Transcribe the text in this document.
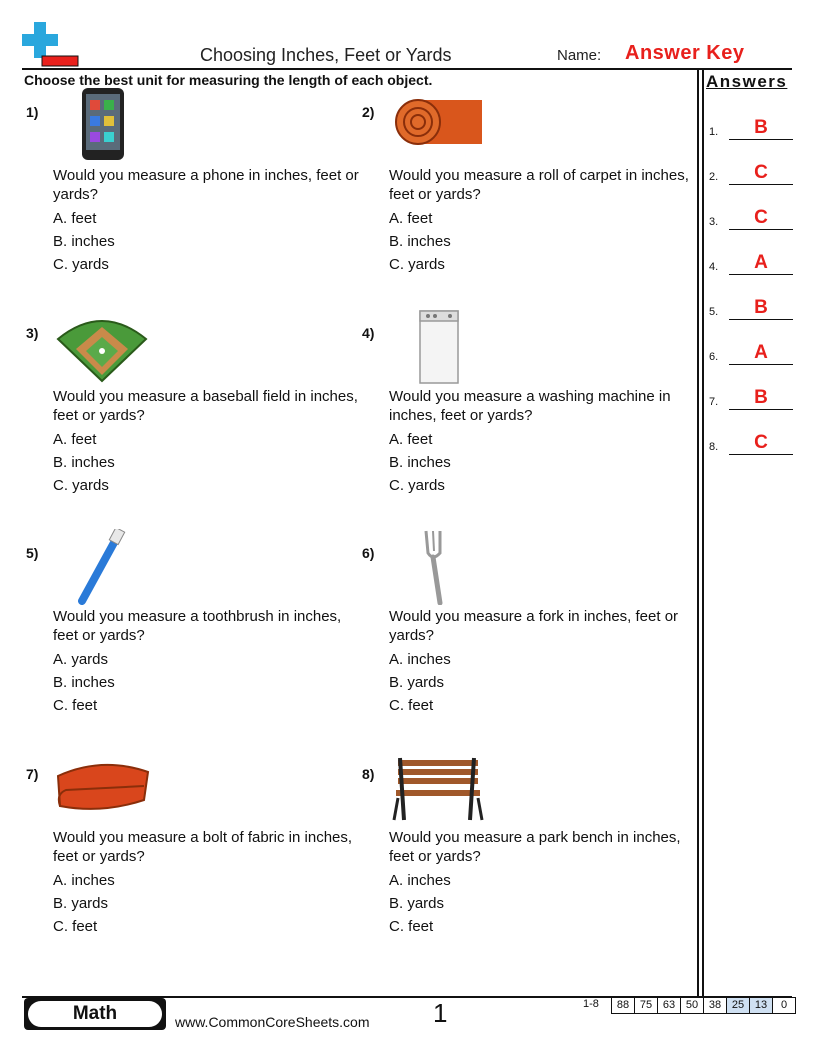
Choosing Inches, Feet or Yards	Name: Answer Key
Choose the best unit for measuring the length of each object.	Answers
1.	B
2.	C
3.	C
4.	A
5.	B
6.	A
7.	B
8.	C
1)
Would you measure a phone in inches, feet or yards?
A. feet
B. inches
C. yards
2)
Would you measure a roll of carpet in inches, feet or yards?
A. feet
B. inches
C. yards
3)
Would you measure a baseball field in inches, feet or yards?
A. feet
B. inches
C. yards
4)
Would you measure a washing machine in inches, feet or yards?
A. feet
B. inches
C. yards
5)
Would you measure a toothbrush in inches, feet or yards?
A. yards
B. inches
C. feet
6)
Would you measure a fork in inches, feet or yards?
A. inches
B. yards
C. feet
7)
Would you measure a bolt of fabric in inches, feet or yards?
A. inches
B. yards
C. feet
8)
Would you measure a park bench in inches, feet or yards?
A. inches
B. yards
C. feet
Math	www.CommonCoreSheets.com 1	1-8	88 75 63 50 38 25 13	0
